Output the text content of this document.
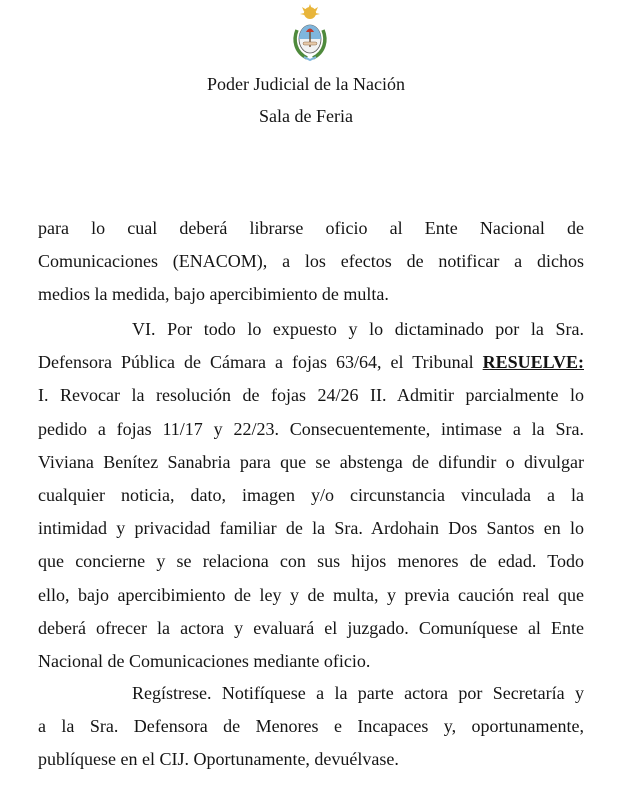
Poder Judicial de la Nación
Sala de Feria
para lo cual deberá librarse oficio al Ente Nacional de
Comunicaciones (ENACOM), a los efectos de notificar a dichos
medios la medida, bajo apercibimiento de multa.
VI. Por todo lo expuesto y lo dictaminado por la Sra.
Defensora Pública de Cámara a fojas 63/64, el Tribunal RESUELVE:
I. Revocar la resolución de fojas 24/26 II. Admitir parcialmente lo
pedido a fojas 11/17 y 22/23. Consecuentemente, intimase a la Sra.
Viviana Benítez Sanabria para que se abstenga de difundir o divulgar
cualquier noticia, dato, imagen y/o circunstancia vinculada a la
intimidad y privacidad familiar de la Sra. Ardohain Dos Santos en lo
que concierne y se relaciona con sus hijos menores de edad. Todo
ello, bajo apercibimiento de ley y de multa, y previa caución real que
deberá ofrecer la actora y evaluará el juzgado. Comuníquese al Ente
Nacional de Comunicaciones mediante oficio.
Regístrese. Notifíquese a la parte actora por Secretaría y
a la Sra. Defensora de Menores e Incapaces y, oportunamente,
publíquese en el CIJ. Oportunamente, devuélvase.
